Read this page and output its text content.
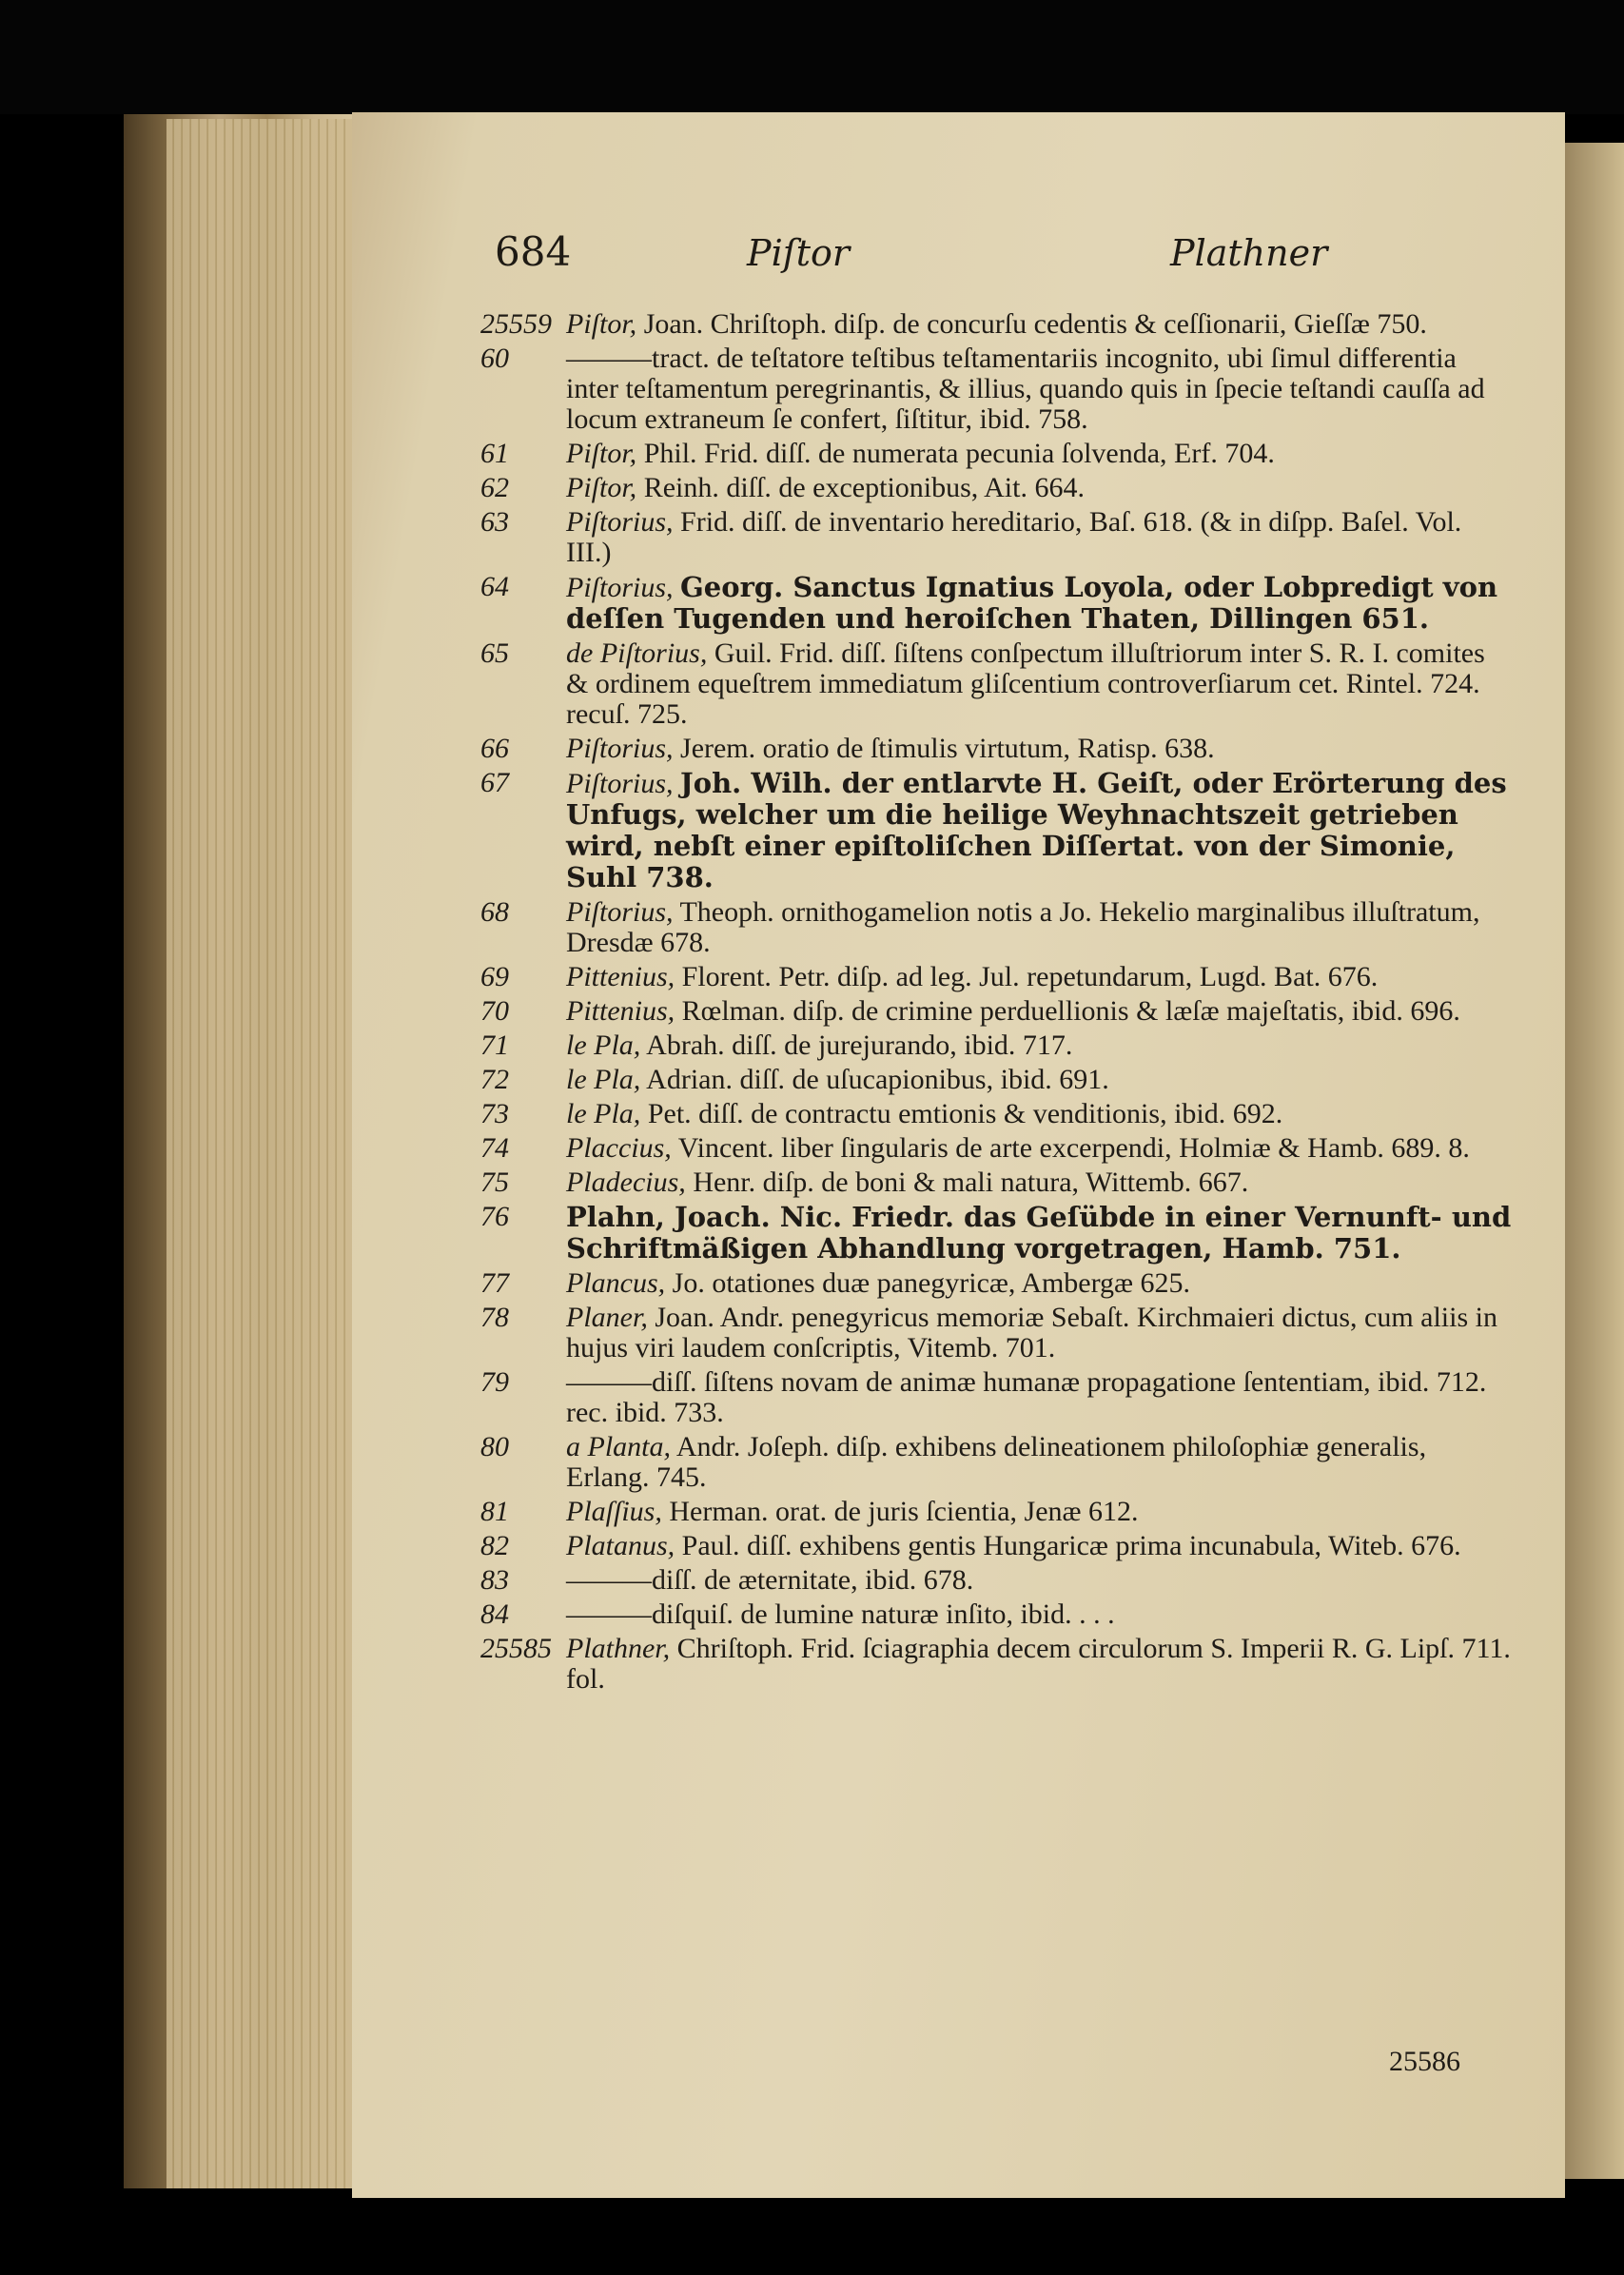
684	Piſtor	Plathner
25559 Piſtor, Joan. Chriſtoph. diſp. de concurſu cedentis & ceſſionarii, Gieſſæ 750.
60	———tract. de teſtatore teſtibus teſtamentariis incognito, ubi ſimul differentia inter teſtamentum peregrinantis, & illius, quando quis in ſpecie teſtandi cauſſa ad locum extraneum ſe confert, ſiſtitur, ibid. 758.
61	Piſtor, Phil. Frid. diſſ. de numerata pecunia ſolvenda, Erf. 704.
62	Piſtor, Reinh. diſſ. de exceptionibus, Ait. 664.
63	Piſtorius, Frid. diſſ. de inventario hereditario, Baſ. 618. (& in diſpp. Baſel. Vol. III.)
64	Piſtorius, Georg. Sanctus Ignatius Loyola, oder Lobpredigt von deſſen Tugenden und heroiſchen Thaten, Dillingen 651.
65	de Piſtorius, Guil. Frid. diſſ. ſiſtens conſpectum illuſtriorum inter S. R. I. comites & ordinem equeſtrem immediatum gliſcentium controverſiarum cet. Rintel. 724. recuſ. 725.
66	Piſtorius, Jerem. oratio de ſtimulis virtutum, Ratisp. 638.
67	Piſtorius, Joh. Wilh. der entlarvte H. Geiſt, oder Erörterung des Unfugs, welcher um die heilige Weyhnachtszeit getrieben wird, nebſt einer epiſtoliſchen Diſſertat. von der Simonie, Suhl 738.
68	Piſtorius, Theoph. ornithogamelion notis a Jo. Hekelio marginalibus illuſtratum, Dresdæ 678.
69	Pittenius, Florent. Petr. diſp. ad leg. Jul. repetundarum, Lugd. Bat. 676.
70	Pittenius, Rœlman. diſp. de crimine perduellionis & læſæ majeſtatis, ibid. 696.
71	le Pla, Abrah. diſſ. de jurejurando, ibid. 717.
72	le Pla, Adrian. diſſ. de uſucapionibus, ibid. 691.
73	le Pla, Pet. diſſ. de contractu emtionis & venditionis, ibid. 692.
74	Placcius, Vincent. liber ſingularis de arte excerpendi, Holmiæ & Hamb. 689. 8.
75	Pladecius, Henr. diſp. de boni & mali natura, Wittemb. 667.
76	Plahn, Joach. Nic. Friedr. das Geſübde in einer Vernunft- und Schriftmäßigen Abhandlung vorgetragen, Hamb. 751.
77	Plancus, Jo. otationes duæ panegyricæ, Ambergæ 625.
78	Planer, Joan. Andr. penegyricus memoriæ Sebaſt. Kirchmaieri dictus, cum aliis in hujus viri laudem conſcriptis, Vitemb. 701.
79	———diſſ. ſiſtens novam de animæ humanæ propagatione ſententiam, ibid. 712. rec. ibid. 733.
80	a Planta, Andr. Joſeph. diſp. exhibens delineationem philoſophiæ generalis, Erlang. 745.
81	Plaſſius, Herman. orat. de juris ſcientia, Jenæ 612.
82	Platanus, Paul. diſſ. exhibens gentis Hungaricæ prima incunabula, Witeb. 676.
83	———diſſ. de æternitate, ibid. 678.
84	———diſquiſ. de lumine naturæ inſito, ibid. . . .
25585 Plathner, Chriſtoph. Frid. ſciagraphia decem circulorum S. Imperii R. G. Lipſ. 711. fol.
25586
